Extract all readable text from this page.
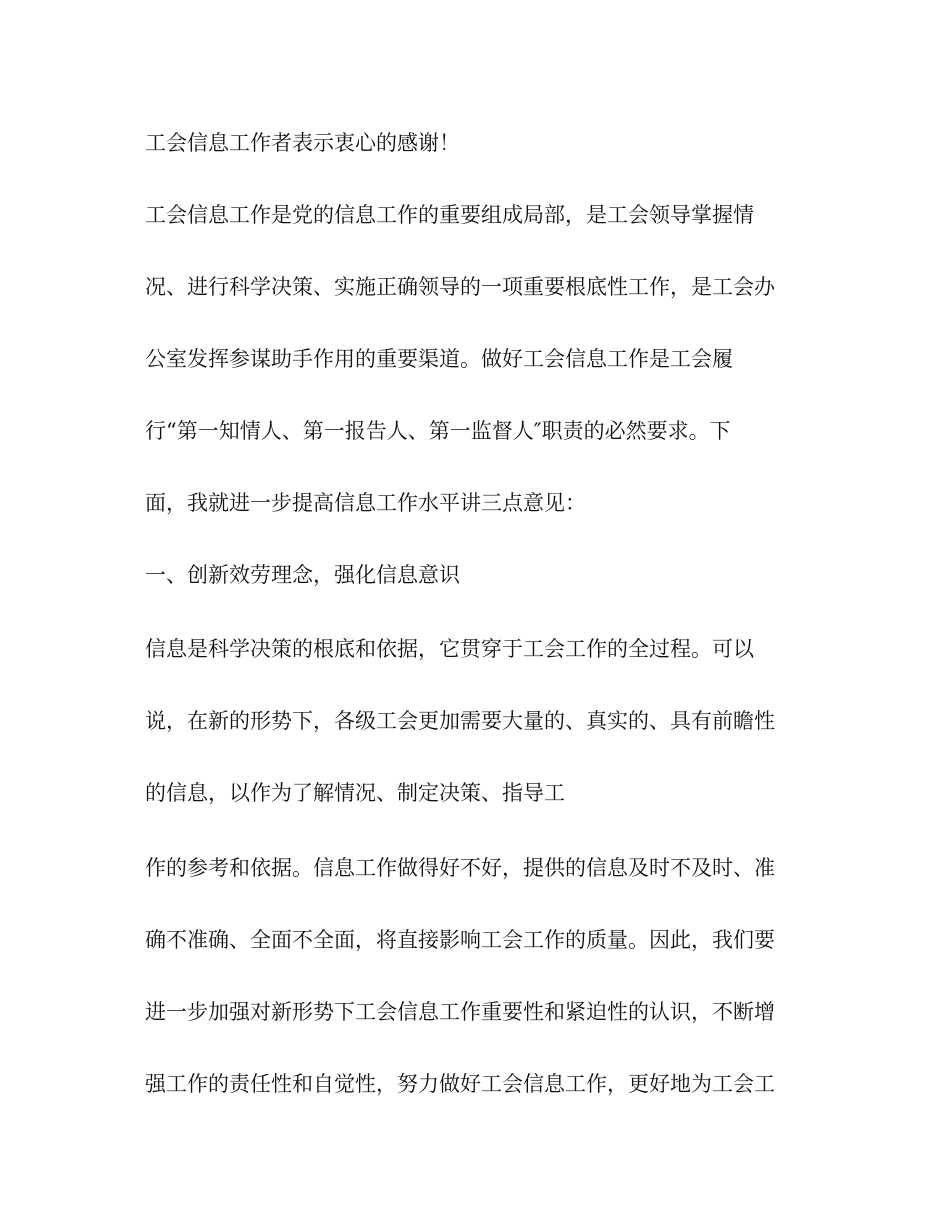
工会信息工作者表示衷心的感谢！
工会信息工作是党的信息工作的重要组成局部，是工会领导掌握情
况、进行科学决策、实施正确领导的一项重要根底性工作，是工会办
公室发挥参谋助手作用的重要渠道。做好工会信息工作是工会履
行“第一知情人、第一报告人、第一监督人″职责的必然要求。下
面，我就进一步提高信息工作水平讲三点意见：
一、创新效劳理念，强化信息意识
信息是科学决策的根底和依据，它贯穿于工会工作的全过程。可以
说，在新的形势下，各级工会更加需要大量的、真实的、具有前瞻性
的信息，以作为了解情况、制定决策、指导工
作的参考和依据。信息工作做得好不好，提供的信息及时不及时、准
确不准确、全面不全面，将直接影响工会工作的质量。因此，我们要
进一步加强对新形势下工会信息工作重要性和紧迫性的认识，不断增
强工作的责任性和自觉性，努力做好工会信息工作，更好地为工会工
